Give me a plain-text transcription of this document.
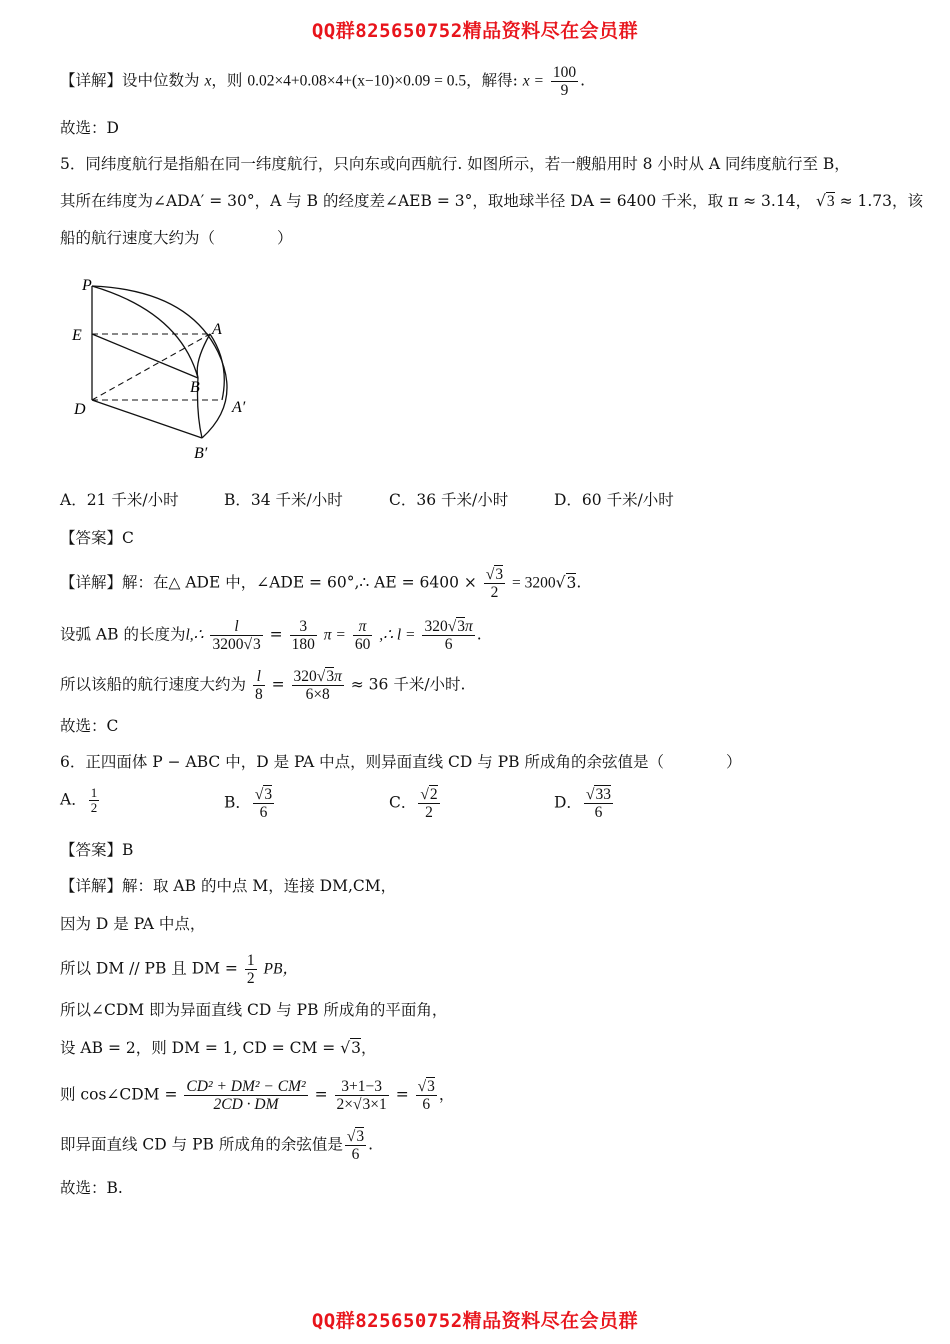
QQ群825650752精品资料尽在会员群
【详解】设中位数为 x，则 0.02×4+0.08×4+(x−10)×0.09 = 0.5，解得: $x = \frac{100}{9}$ .
故选：D
5．同纬度航行是指船在同一纬度航行，只向东或向西航行. 如图所示，若一艘船用时 8 小时从 A 同纬度航行至 B，
其所在纬度为∠ADA′ = 30°，A 与 B 的经度差∠AEB = 3°，取地球半径 DA = 6400 千米，取 π ≈ 3.14， √3 ≈ 1.73，该
船的航行速度大约为（　　　　）
P
E	A
B
D	A′
B′
A．21 千米/小时	B．34 千米/小时	C．36 千米/小时	D．60 千米/小时
【答案】C
【详解】解：在△ ADE 中，∠ADE = 60°,∴ AE = $6400 \times \frac{√3}{2} = 3200√3$.
设弧 AB 的长度为l,∴ $\frac{l}{3200√3} = \frac{3}{180}$ $\pi = \frac{\pi}{60}$ ,∴ $l = \frac{320√3\pi}{6}$ .
所以该船的航行速度大约为 $\frac{l}{8} = \frac{320√3\pi}{6\times 8} \approx 36$ 千米/小时.
故选：C
6．正四面体 P − ABC 中，D 是 PA 中点，则异面直线 CD 与 PB 所成角的余弦值是（　　　　）
A． $\frac{1}{2}$	B． $\frac{√3}{6}$	C． $\frac{√2}{2}$	D． $\frac{√33}{6}$
【答案】B
【详解】解：取 AB 的中点 M，连接 DM,CM，
因为 D 是 PA 中点，
所以 DM // PB 且 DM = $\frac{1}{2}$ PB，
所以∠CDM 即为异面直线 CD 与 PB 所成角的平面角，
设 AB = 2，则 DM = 1, CD = CM = √3，
则 cos∠CDM = $\frac{\text{CD² + DM² − CM²}}{2CD \cdot DM} = \frac{3+1-3}{2\times√3\times 1} = \frac{√3}{6}$ ，
即异面直线 CD 与 PB 所成角的余弦值是 $\frac{√3}{6}$ .
故选：B.
QQ群825650752精品资料尽在会员群
